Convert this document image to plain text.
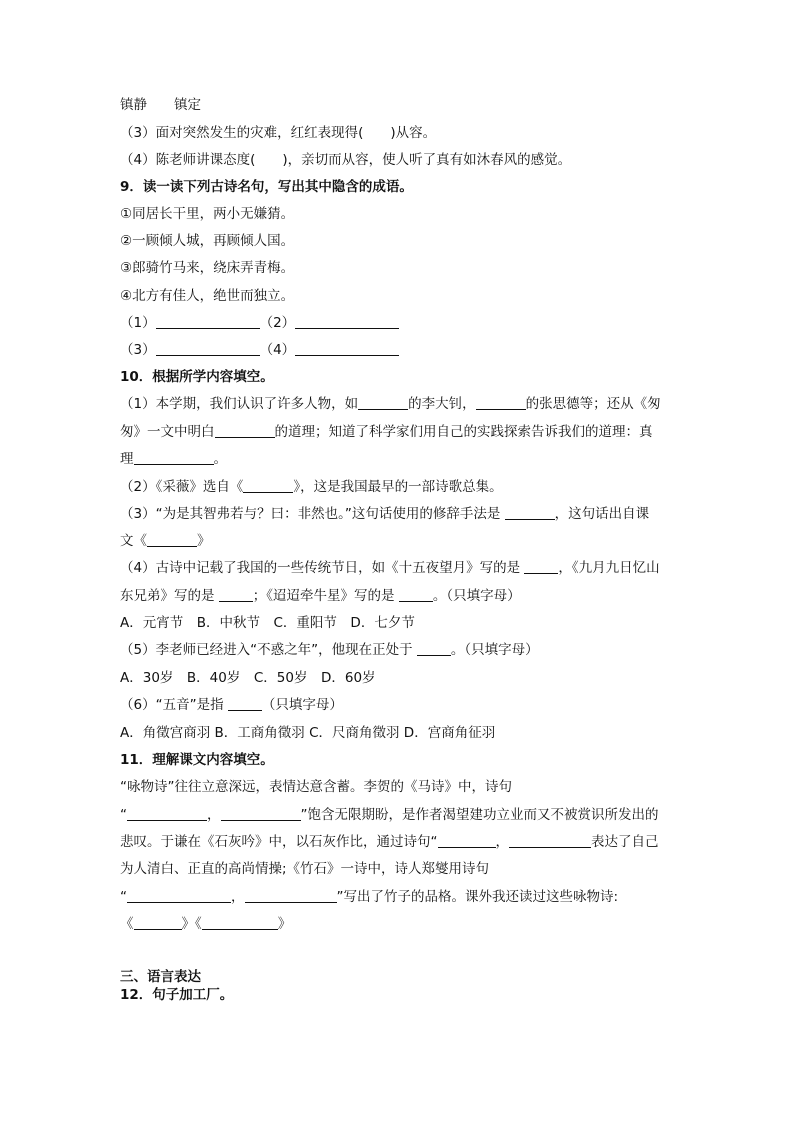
镇静　　镇定
（3）面对突然发生的灾难，红红表现得(　　)从容。
（4）陈老师讲课态度(　　)，亲切而从容，使人听了真有如沐春风的感觉。
9．读一读下列古诗名句，写出其中隐含的成语。
①同居长干里，两小无嫌猜。
②一顾倾人城，再顾倾人国。
③郎骑竹马来，绕床弄青梅。
④北方有佳人，绝世而独立。
（1）	（2）
（3）	（4）
10．根据所学内容填空。
（1）本学期，我们认识了许多人物，如	的李大钊，	的张思德等；还从《匆
匆》一文中明白	的道理；知道了科学家们用自己的实践探索告诉我们的道理：真
理	。
（2）《采薇》选自《	》，这是我国最早的一部诗歌总集。
（3）“为是其智弗若与？曰：非然也。”这句话使用的修辞手法是	，这句话出自课
文《	》
（4）古诗中记载了我国的一些传统节日，如《十五夜望月》写的是	，《九月九日忆山
东兄弟》写的是	；《迢迢牵牛星》写的是	。（只填字母）
A．元宵节　B．中秋节　C．重阳节　D．七夕节
（5）李老师已经进入“不惑之年”，他现在正处于	。（只填字母）
A．30岁　B．40岁　C．50岁　D．60岁
（6）“五音”是指	（只填字母）
A．角徵宫商羽 B．工商角徵羽 C．尺商角徵羽 D．宫商角征羽
11．理解课文内容填空。
“咏物诗”往往立意深远，表情达意含蓄。李贺的《马诗》中，诗句
“	，	”饱含无限期盼，是作者渴望建功立业而又不被赏识所发出的
悲叹。于谦在《石灰吟》中，以石灰作比，通过诗句“	，	表达了自己
为人清白、正直的高尚情操;《竹石》一诗中，诗人郑燮用诗句
“	，	”写出了竹子的品格。课外我还读过这些咏物诗:
《	》《	》
三、语言表达
12．句子加工厂。
